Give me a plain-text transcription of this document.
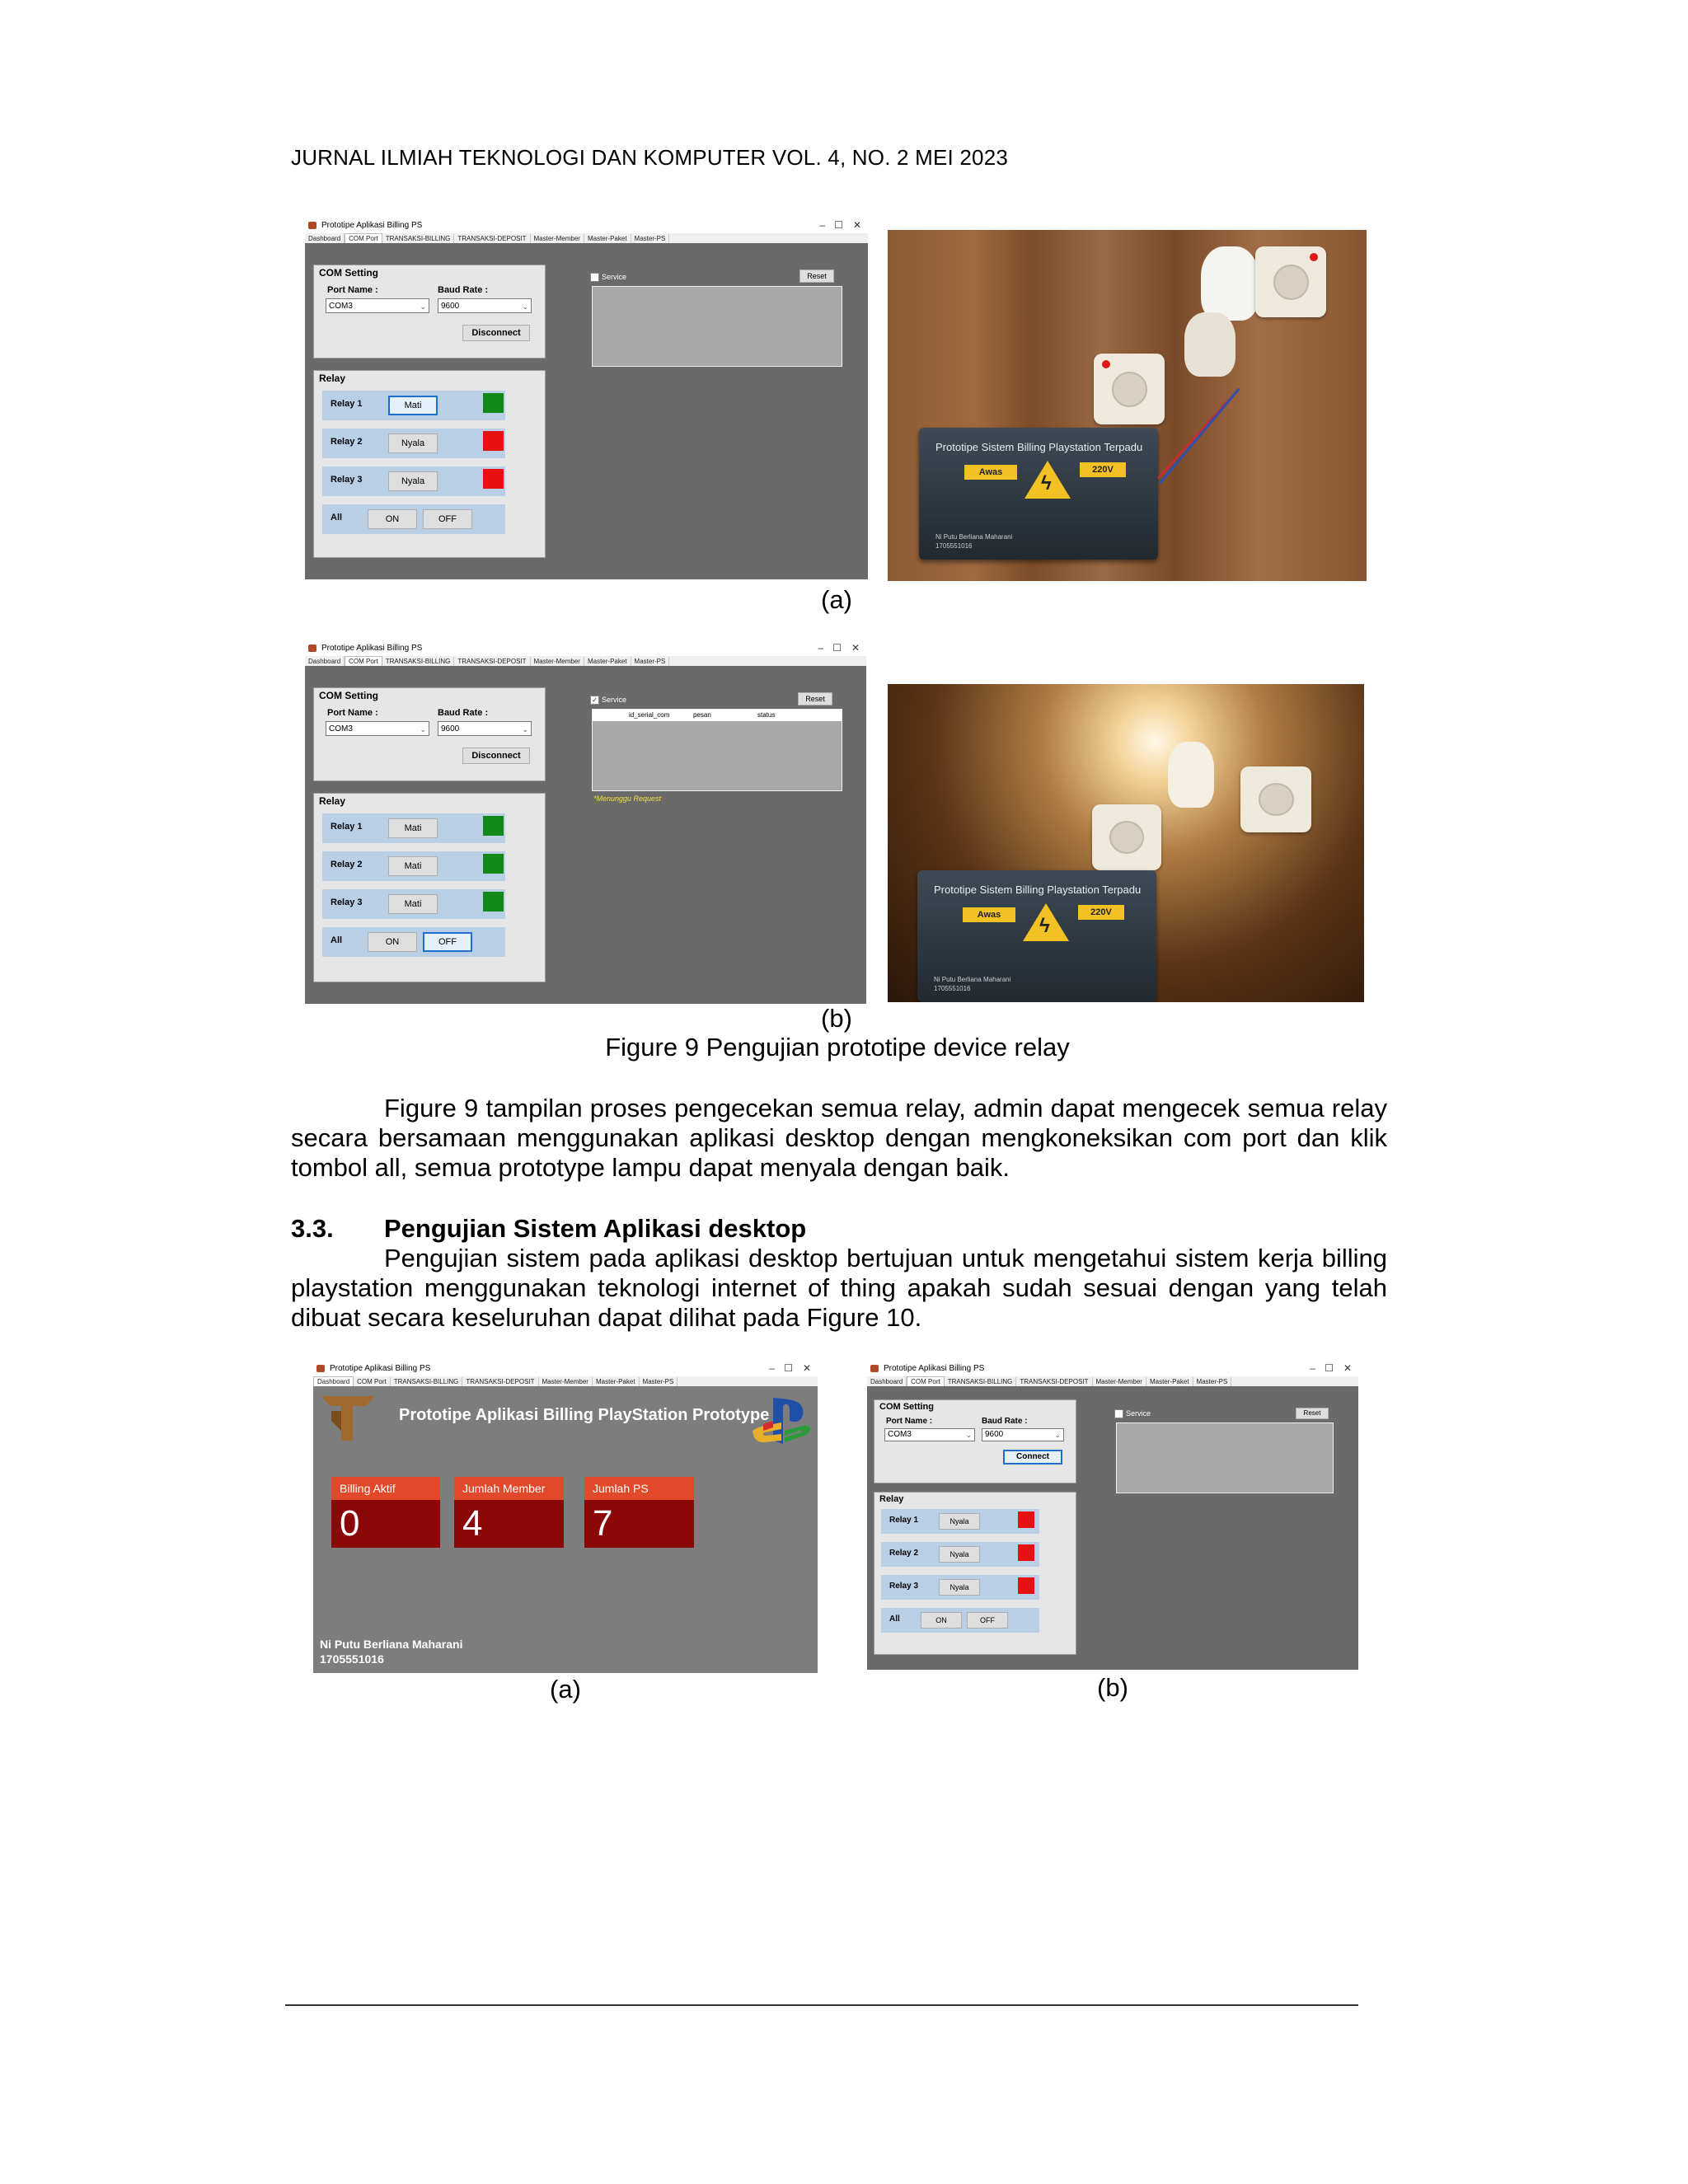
JURNAL ILMIAH TEKNOLOGI DAN KOMPUTER VOL. 4, NO. 2 MEI 2023
Prototipe Aplikasi Billing PS	– ☐ ✕
Dashboard COM Port TRANSAKSI-BILLING TRANSAKSI-DEPOSIT Master-Member Master-Paket Master-PS
COM Setting
Port Name :	Baud Rate :
COM3	⌄	9600	⌄
Disconnect
Relay
Relay 1	Mati
Relay 2	Nyala
Relay 3	Nyala
All	ON	OFF
Service	Reset
Prototipe Sistem Billing Playstation Terpadu
Awas	ϟ
220V
Ni Putu Berliana Maharani
1705551016
(a)
Prototipe Aplikasi Billing PS	– ☐ ✕
Dashboard COM Port TRANSAKSI-BILLING TRANSAKSI-DEPOSIT Master-Member Master-Paket Master-PS
COM Setting
Port Name :	Baud Rate :
COM3	⌄	9600	⌄
Disconnect
Relay
Relay 1	Mati
Relay 2	Mati
Relay 3	Mati
All	ON	OFF
✓ Service	Reset
id_serial_com	pesan	status
*Menunggu Request
Prototipe Sistem Billing Playstation Terpadu
Awas	ϟ
220V
Ni Putu Berliana Maharani
1705551016
(b)
Figure 9 Pengujian prototipe device relay
Figure 9 tampilan proses pengecekan semua relay, admin dapat mengecek semua relay secara bersamaan menggunakan aplikasi desktop dengan mengkoneksikan com port dan klik tombol all, semua prototype lampu dapat menyala dengan baik.
3.3. Pengujian Sistem Aplikasi desktop
Pengujian sistem pada aplikasi desktop bertujuan untuk mengetahui sistem kerja billing playstation menggunakan teknologi internet of thing apakah sudah sesuai dengan yang telah dibuat secara keseluruhan dapat dilihat pada Figure 10.
Prototipe Aplikasi Billing PS	– ☐ ✕
Dashboard COM Port TRANSAKSI-BILLING TRANSAKSI-DEPOSIT Master-Member Master-Paket Master-PS
Prototipe Aplikasi Billing PlayStation Prototype
Billing Aktif
0
Jumlah Member
4
Jumlah PS
7
Ni Putu Berliana Maharani
1705551016
(a)
Prototipe Aplikasi Billing PS	– ☐ ✕
Dashboard COM Port TRANSAKSI-BILLING TRANSAKSI-DEPOSIT Master-Member Master-Paket Master-PS
COM Setting
Port Name :	Baud Rate :
COM3	⌄	9600	⌄
Connect
Relay
Relay 1	Nyala
Relay 2	Nyala
Relay 3	Nyala
All	ON	OFF
Service	Reset
(b)
